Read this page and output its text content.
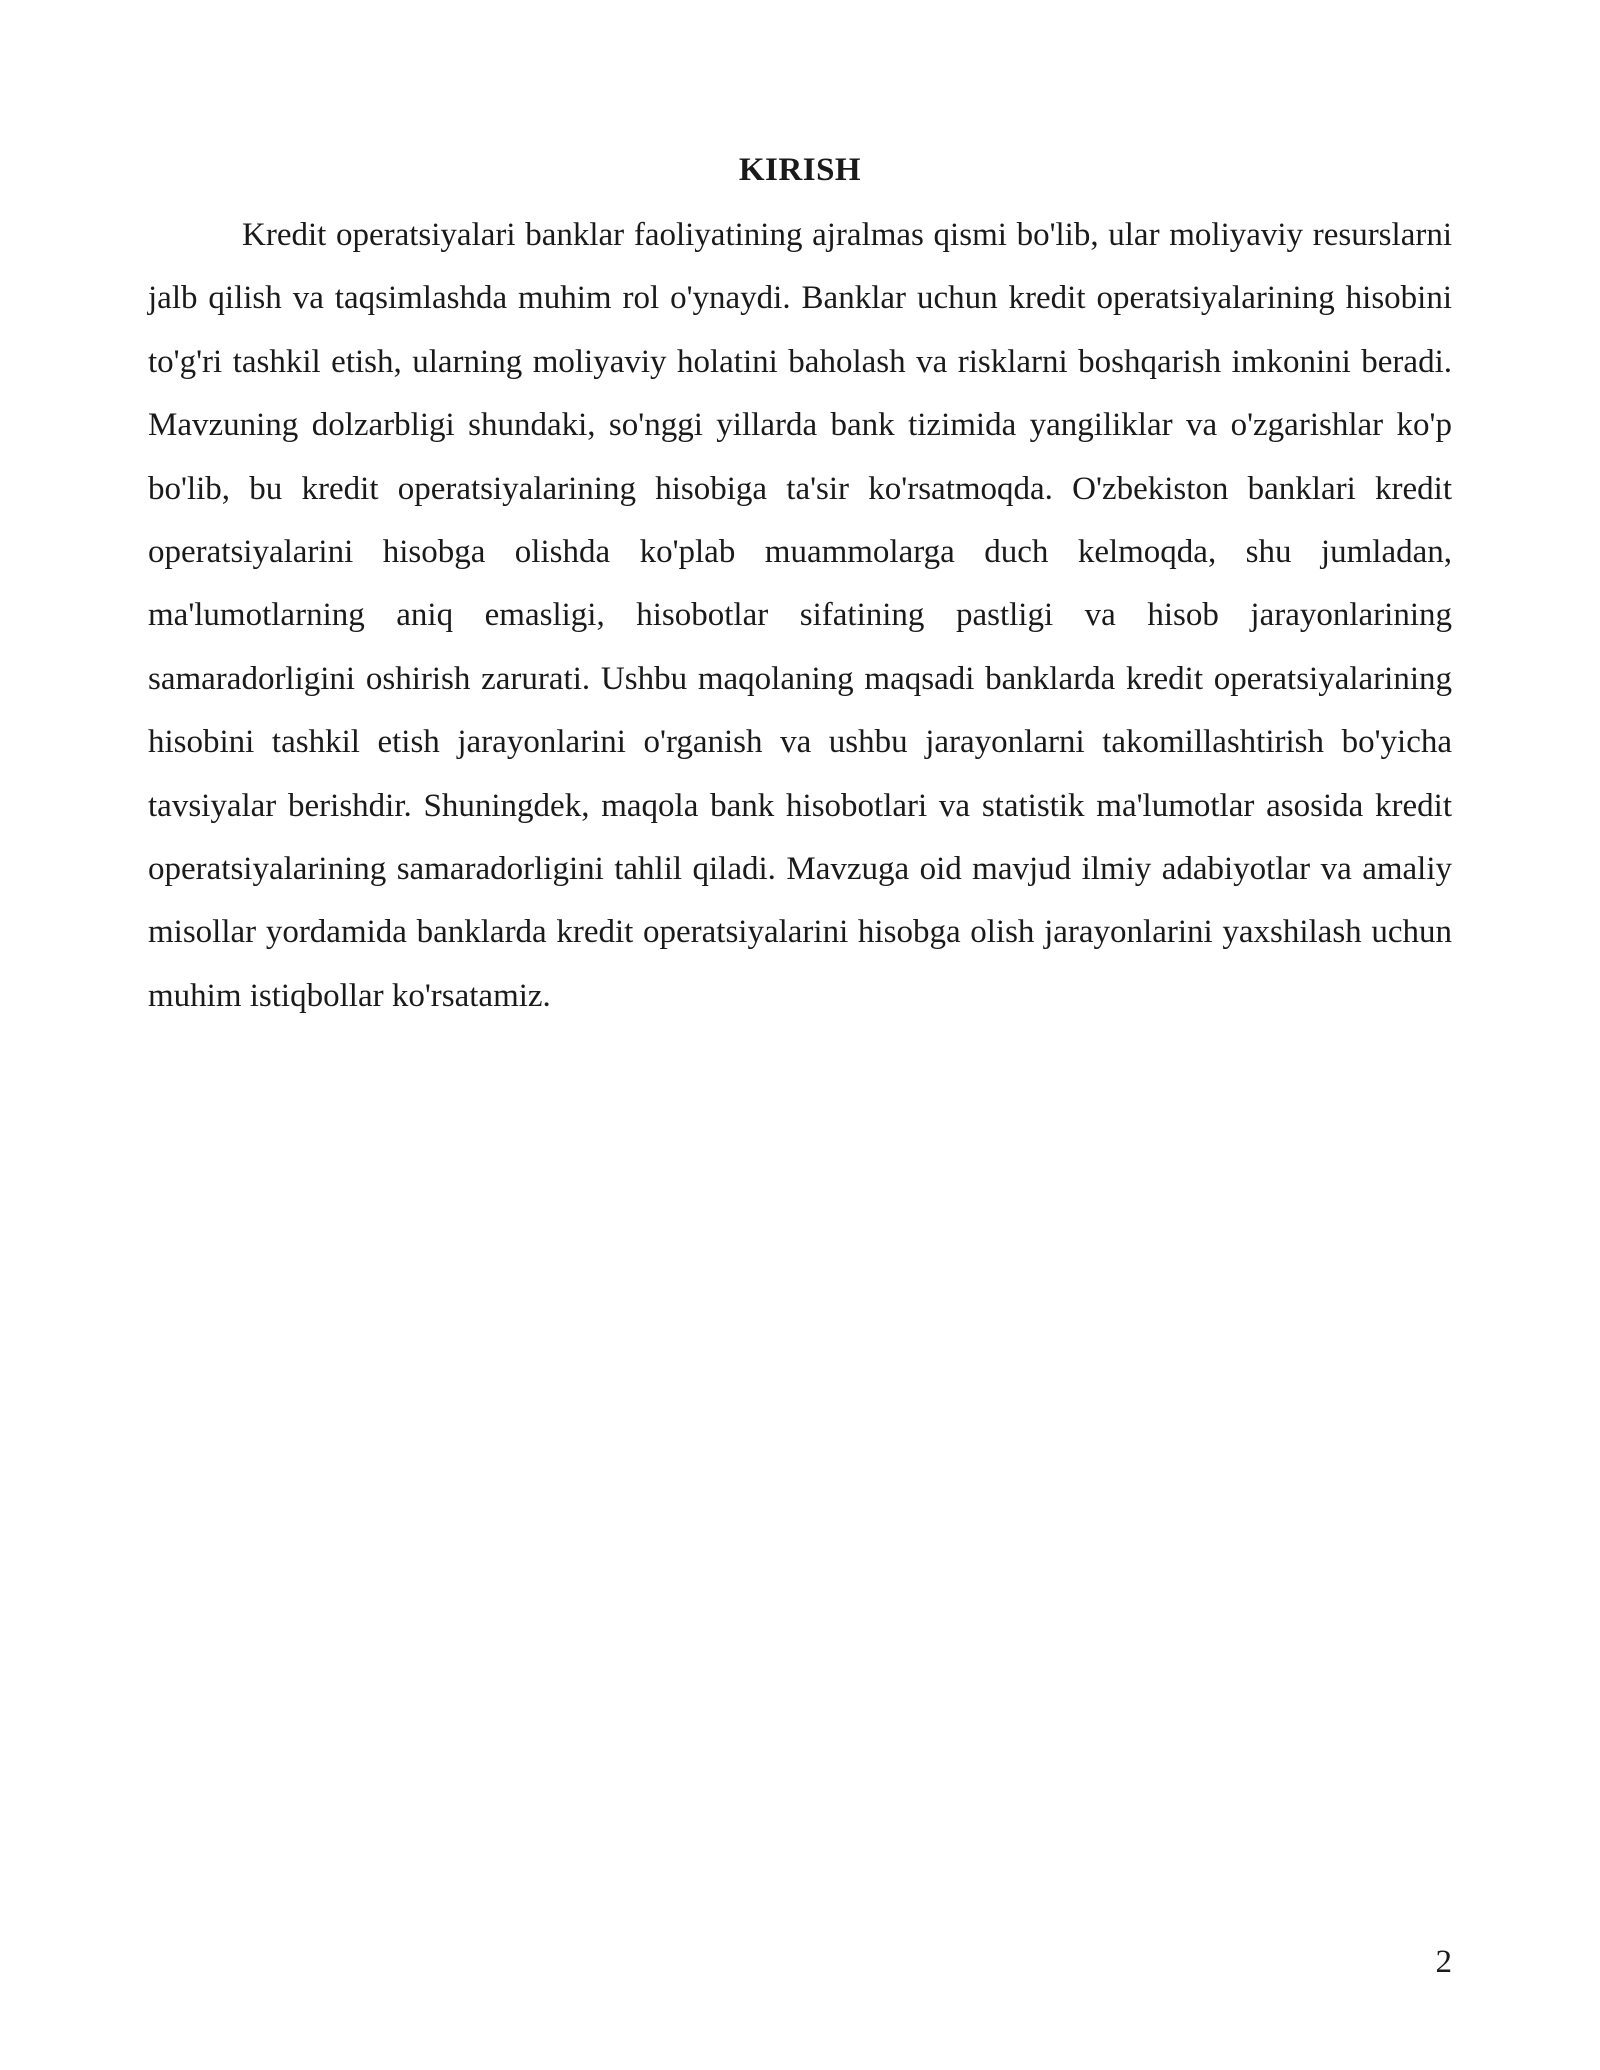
KIRISH

Kredit operatsiyalari banklar faoliyatining ajralmas qismi bo'lib, ular moliyaviy resurslarni jalb qilish va taqsimlashda muhim rol o'ynaydi. Banklar uchun kredit operatsiyalarining hisobini to'g'ri tashkil etish, ularning moliyaviy holatini baholash va risklarni boshqarish imkonini beradi. Mavzuning dolzarbligi shundaki, so'nggi yillarda bank tizimida yangiliklar va o'zgarishlar ko'p bo'lib, bu kredit operatsiyalarining hisobiga ta'sir ko'rsatmoqda. O'zbekiston banklari kredit operatsiyalarini hisobga olishda ko'plab muammolarga duch kelmoqda, shu jumladan, ma'lumotlarning aniq emasligi, hisobotlar sifatining pastligi va hisob jarayonlarining samaradorligini oshirish zarurati. Ushbu maqolaning maqsadi banklarda kredit operatsiyalarining hisobini tashkil etish jarayonlarini o'rganish va ushbu jarayonlarni takomillashtirish bo'yicha tavsiyalar berishdir. Shuningdek, maqola bank hisobotlari va statistik ma'lumotlar asosida kredit operatsiyalarining samaradorligini tahlil qiladi. Mavzuga oid mavjud ilmiy adabiyotlar va amaliy misollar yordamida banklarda kredit operatsiyalarini hisobga olish jarayonlarini yaxshilash uchun muhim istiqbollar ko'rsatamiz.

2
